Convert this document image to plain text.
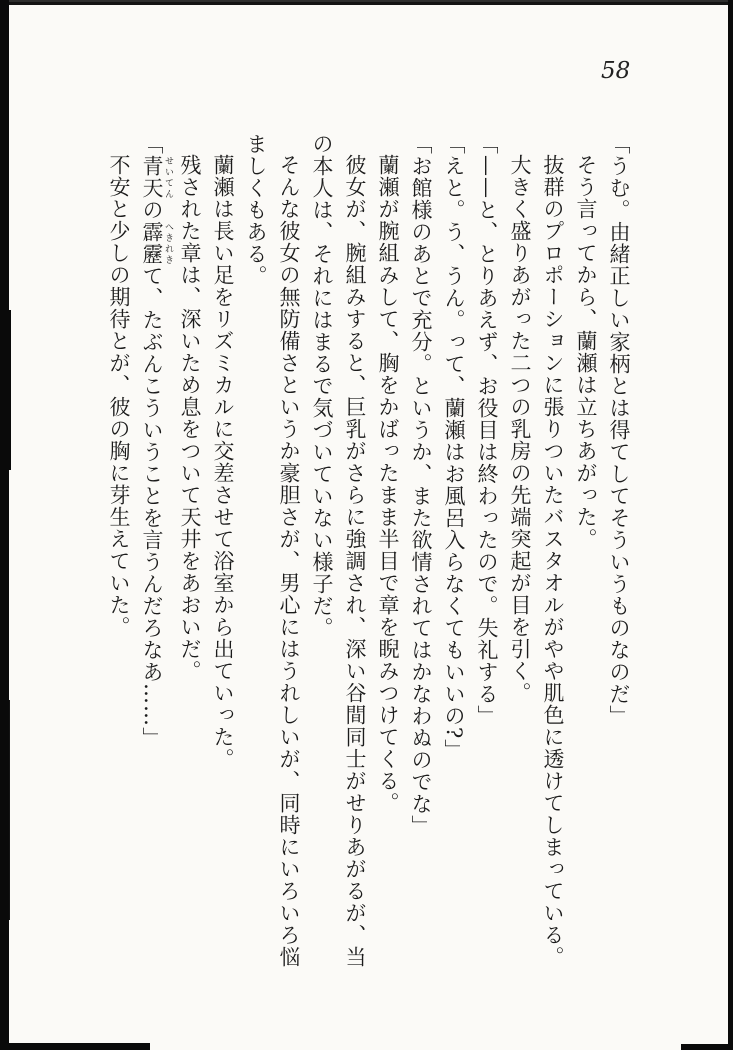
58

「うむ。由緒正しい家柄とは得てしてそういうものなのだ」

そう言ってから、蘭瀬は立ちあがった。

抜群のプロポーションに張りついたバスタオルがやや肌色に透けてしまっている。

大きく盛りあがった二つの乳房の先端突起が目を引く。

「——と、とりあえず、お役目は終わったので。失礼する」

「えと。う、うん。って、蘭瀬はお風呂入らなくてもいいの?」

「お館様のあとで充分。というか、また欲情されてはかなわぬのでな」

蘭瀬が腕組みして、胸をかばったまま半目で章を睨みつけてくる。

彼女が、腕組みすると、巨乳がさらに強調され、深い谷間同士がせりあがるが、当

の本人は、それにはまるで気づいていない様子だ。

そんな彼女の無防備さというか豪胆さが、男心にはうれしいが、同時にいろいろ悩

ましくもある。

蘭瀬は長い足をリズミカルに交差させて浴室から出ていった。

残された章は、深いため息をついて天井をあおいだ。

「青天 せいてんの霹靂 へきれきて、たぶんこういうことを言うんだろなあ……」

不安と少しの期待とが、彼の胸に芽生えていた。
